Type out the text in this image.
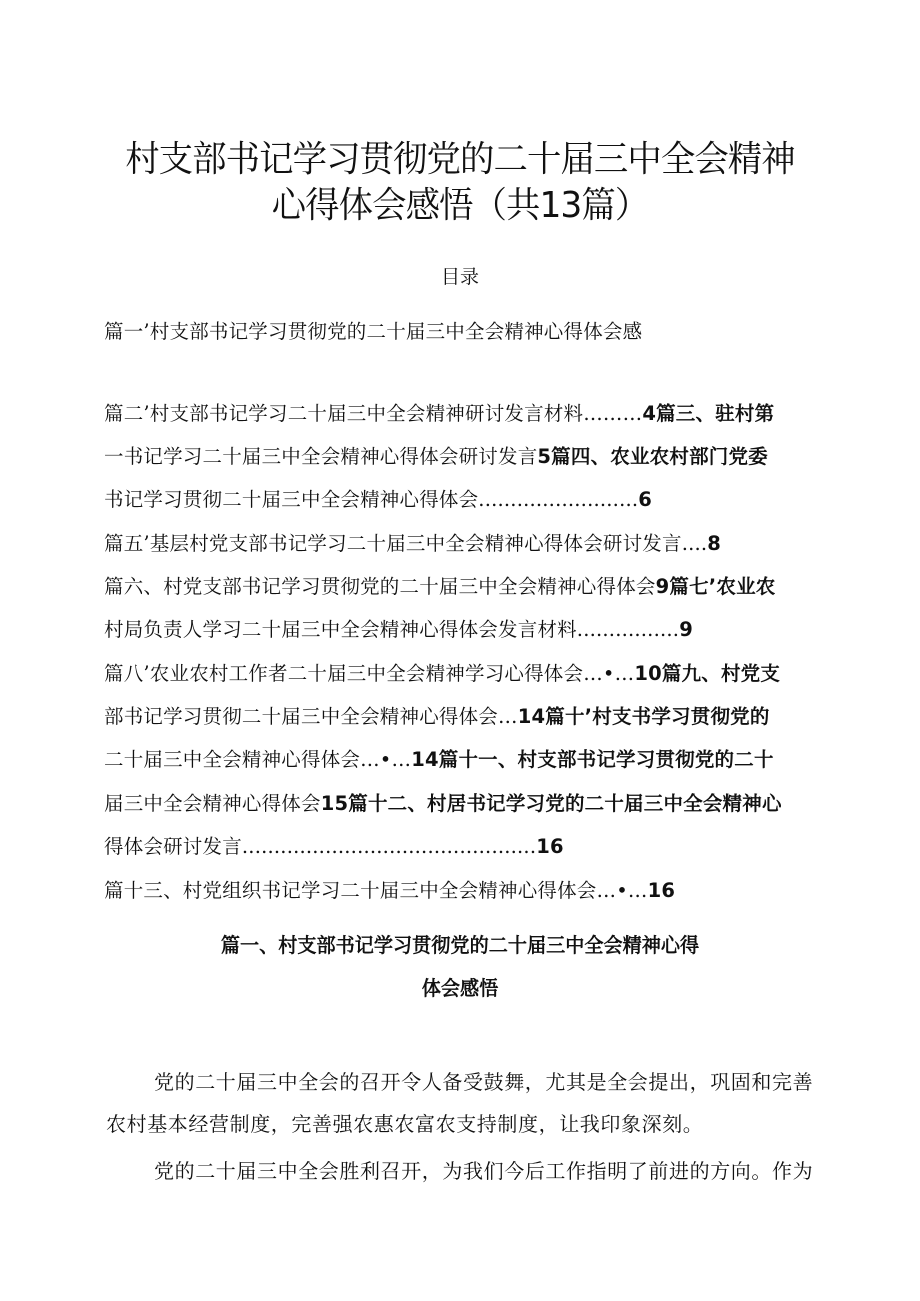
村支部书记学习贯彻党的二十届三中全会精神
心得体会感悟（共13篇）
目录
篇一’村支部书记学习贯彻党的二十届三中全会精神心得体会感
篇二’村支部书记学习二十届三中全会精神研讨发言材料………4篇三、驻村第
一书记学习二十届三中全会精神心得体会研讨发言5篇四、农业农村部门党委
书记学习贯彻二十届三中全会精神心得体会.........................6
篇五’基层村党支部书记学习二十届三中全会精神心得体会研讨发言....8
篇六、村党支部书记学习贯彻党的二十届三中全会精神心得体会9篇七’农业农
村局负责人学习二十届三中全会精神心得体会发言材料................9
篇八’农业农村工作者二十届三中全会精神学习心得体会…•…10篇九、村党支
部书记学习贯彻二十届三中全会精神心得体会…14篇十’村支书学习贯彻党的
二十届三中全会精神心得体会…•…14篇十一、村支部书记学习贯彻党的二十
届三中全会精神心得体会15篇十二、村居书记学习党的二十届三中全会精神心
得体会研讨发言..............................................16
篇十三、村党组织书记学习二十届三中全会精神心得体会…•…16
篇一、村支部书记学习贯彻党的二十届三中全会精神心得
体会感悟
党的二十届三中全会的召开令人备受鼓舞，尤其是全会提出，巩固和完善
农村基本经营制度，完善强农惠农富农支持制度，让我印象深刻。
党的二十届三中全会胜利召开，为我们今后工作指明了前进的方向。作为
